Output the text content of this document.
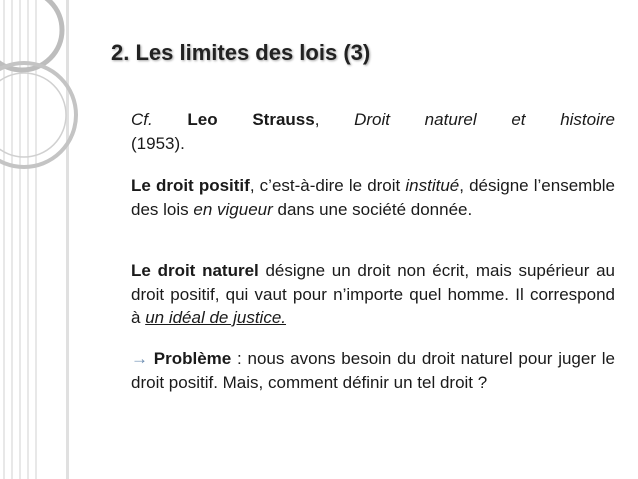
2. Les limites des lois (3)

Cf. Leo Strauss, Droit naturel et histoire

(1953).

Le droit positif, c’est-à-dire le droit institué, désigne l’ensemble des lois en vigueur dans une société donnée.

Le droit naturel désigne un droit non écrit, mais supérieur au droit positif, qui vaut pour n’importe quel homme. Il correspond à un idéal de justice.

→ Problème : nous avons besoin du droit naturel pour juger le droit positif. Mais, comment définir un tel droit ?
